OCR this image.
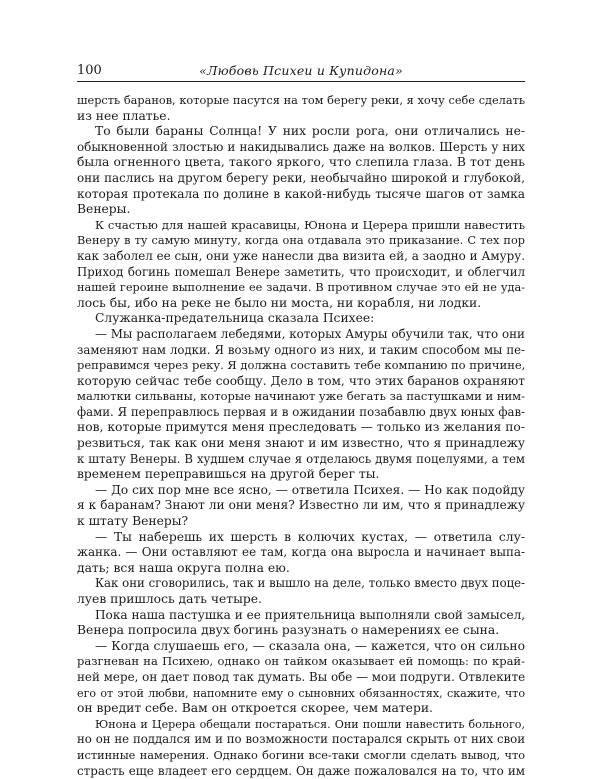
100	«Любовь Психеи и Купидона»
шерсть баранов, которые пасутся на том берегу реки, я хочу себе сделать
из нее платье.
То были бараны Солнца! У них росли рога, они отличались не-
обыкновенной злостью и накидывались даже на волков. Шерсть у них
была огненного цвета, такого яркого, что слепила глаза. В тот день
они паслись на другом берегу реки, необычайно широкой и глубокой,
которая протекала по долине в какой-нибудь тысяче шагов от замка
Венеры.
К счастью для нашей красавицы, Юнона и Церера пришли навестить
Венеру в ту самую минуту, когда она отдавала это приказание. С тех пор
как заболел ее сын, они уже нанесли два визита ей, а заодно и Амуру.
Приход богинь помешал Венере заметить, что происходит, и облегчил
нашей героине выполнение ее задачи. В противном случае это ей не уда-
лось бы, ибо на реке не было ни моста, ни корабля, ни лодки.
Служанка-предательница сказала Психее:
— Мы располагаем лебедями, которых Амуры обучили так, что они
заменяют нам лодки. Я возьму одного из них, и таким способом мы пе-
реправимся через реку. Я должна составить тебе компанию по причине,
которую сейчас тебе сообщу. Дело в том, что этих баранов охраняют
малютки сильваны, которые начинают уже бегать за пастушками и ним-
фами. Я переправлюсь первая и в ожидании позабавлю двух юных фав-
нов, которые примутся меня преследовать — только из желания по-
резвиться, так как они меня знают и им известно, что я принадлежу
к штату Венеры. В худшем случае я отделаюсь двумя поцелуями, а тем
временем переправишься на другой берег ты.
— До сих пор мне все ясно, — ответила Психея. — Но как подойду
я к баранам? Знают ли они меня? Известно ли им, что я принадлежу
к штату Венеры?
— Ты наберешь их шерсть в колючих кустах, — ответила слу-
жанка. — Они оставляют ее там, когда она выросла и начинает выпа-
дать; вся наша округа полна ею.
Как они сговорились, так и вышло на деле, только вместо двух поце-
луев пришлось дать четыре.
Пока наша пастушка и ее приятельница выполняли свой замысел,
Венера попросила двух богинь разузнать о намерениях ее сына.
— Когда слушаешь его, — сказала она, — кажется, что он сильно
разгневан на Психею, однако он тайком оказывает ей помощь: по край-
ней мере, он дает повод так думать. Вы обе — мои подруги. Отвлеките
его от этой любви, напомните ему о сыновних обязанностях, скажите, что
он вредит себе. Вам он откроется скорее, чем матери.
Юнона и Церера обещали постараться. Они пошли навестить больного,
но он не поддался им и по возможности постарался скрыть от них свои
истинные намерения. Однако богини все-таки смогли сделать вывод, что
страсть еще владеет его сердцем. Он даже пожаловался на то, что им
